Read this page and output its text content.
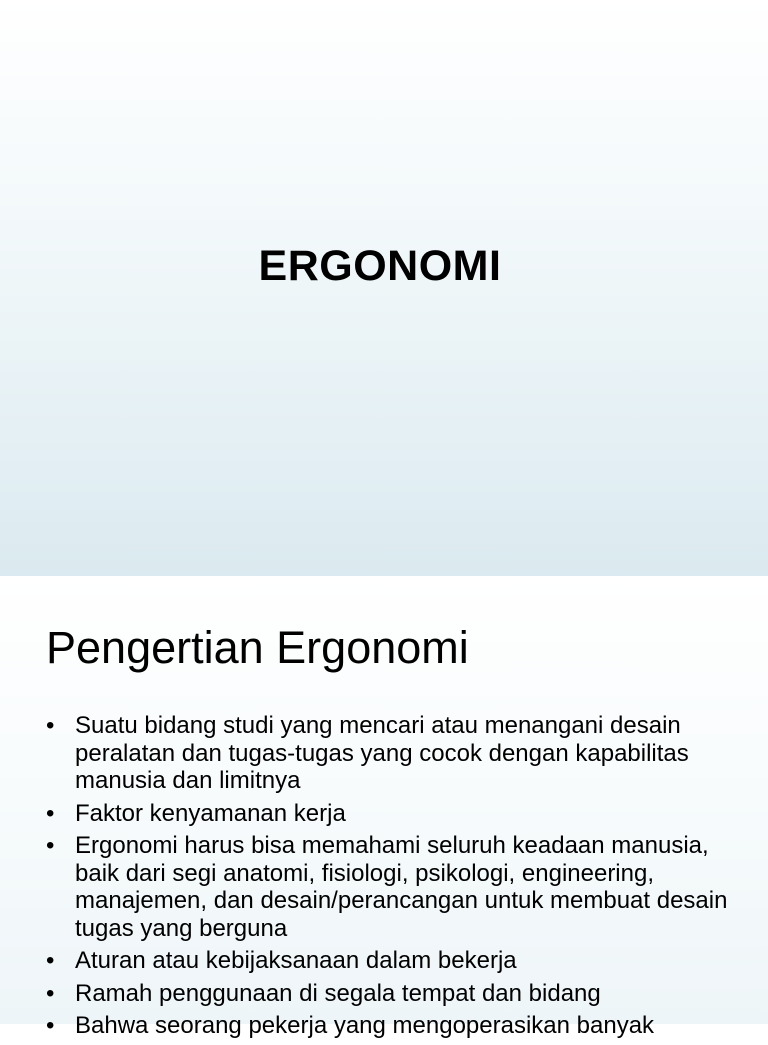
ERGONOMI
Pengertian Ergonomi
• Suatu bidang studi yang mencari atau menangani desain peralatan dan tugas-tugas yang cocok dengan kapabilitas manusia dan limitnya
• Faktor kenyamanan kerja
• Ergonomi harus bisa memahami seluruh keadaan manusia, baik dari segi anatomi, fisiologi, psikologi, engineering, manajemen, dan desain/perancangan untuk membuat desain tugas yang berguna
• Aturan atau kebijaksanaan dalam bekerja
• Ramah penggunaan di segala tempat dan bidang
• Bahwa seorang pekerja yang mengoperasikan banyak
